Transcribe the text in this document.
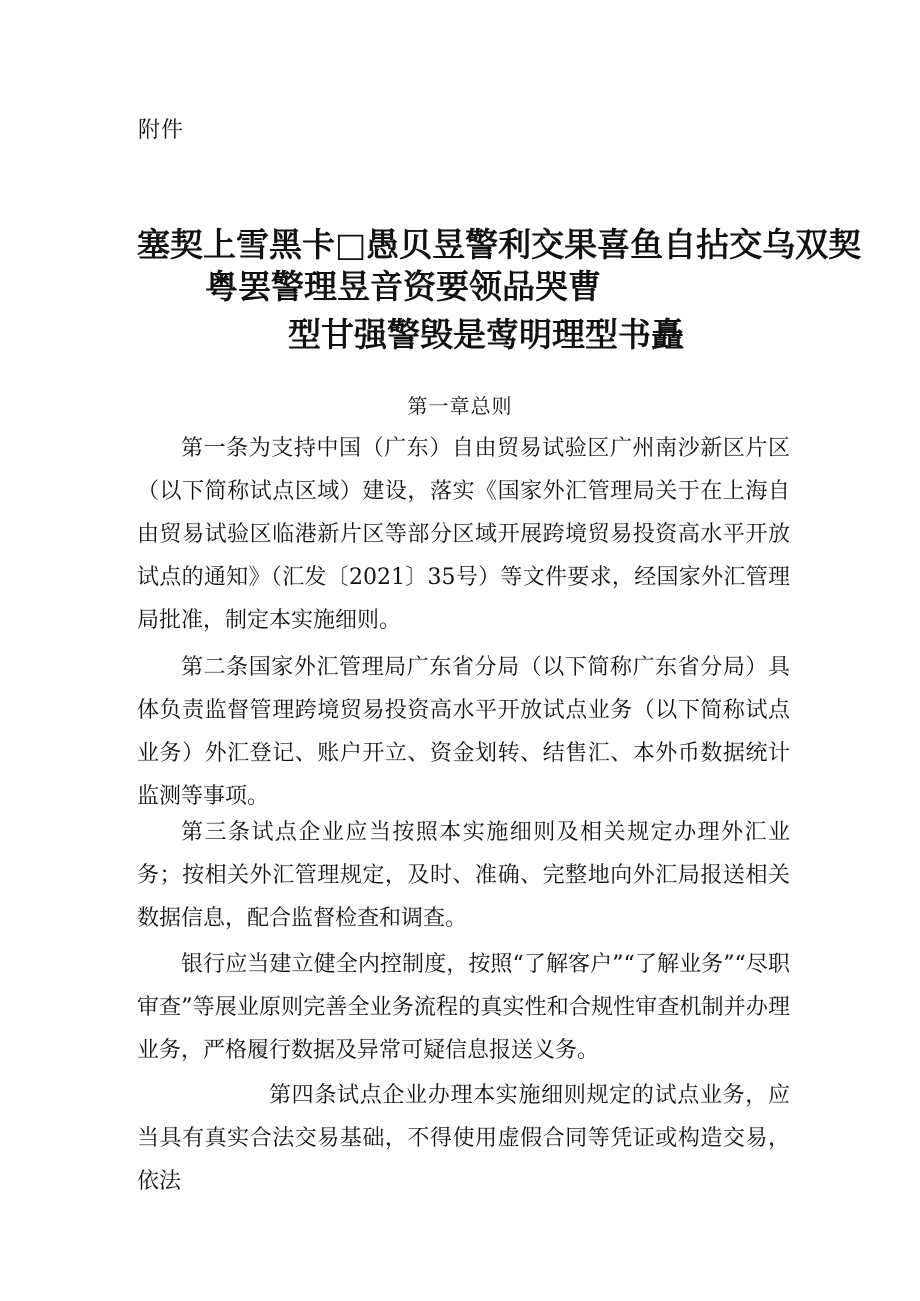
附件
塞契上雪黑卡□愚贝昱警利交果喜鱼自拈交乌双契
粤罢警理昱音资要领品哭曹
型甘强警毁是莺明理型书矗
第一章总则

第一条为支持中国（广东）自由贸易试验区广州南沙新区片区（以下简称试点区域）建设，落实《国家外汇管理局关于在上海自由贸易试验区临港新片区等部分区域开展跨境贸易投资高水平开放试点的通知》（汇发〔2021〕35号）等文件要求，经国家外汇管理局批准，制定本实施细则。

第二条国家外汇管理局广东省分局（以下简称广东省分局）具体负责监督管理跨境贸易投资高水平开放试点业务（以下简称试点业务）外汇登记、账户开立、资金划转、结售汇、本外币数据统计监测等事项。

第三条试点企业应当按照本实施细则及相关规定办理外汇业务；按相关外汇管理规定，及时、准确、完整地向外汇局报送相关数据信息，配合监督检查和调查。

银行应当建立健全内控制度，按照“了解客户”“了解业务”“尽职审查”等展业原则完善全业务流程的真实性和合规性审查机制并办理业务，严格履行数据及异常可疑信息报送义务。

第四条试点企业办理本实施细则规定的试点业务，应当具有真实合法交易基础，不得使用虚假合同等凭证或构造交易，依法
